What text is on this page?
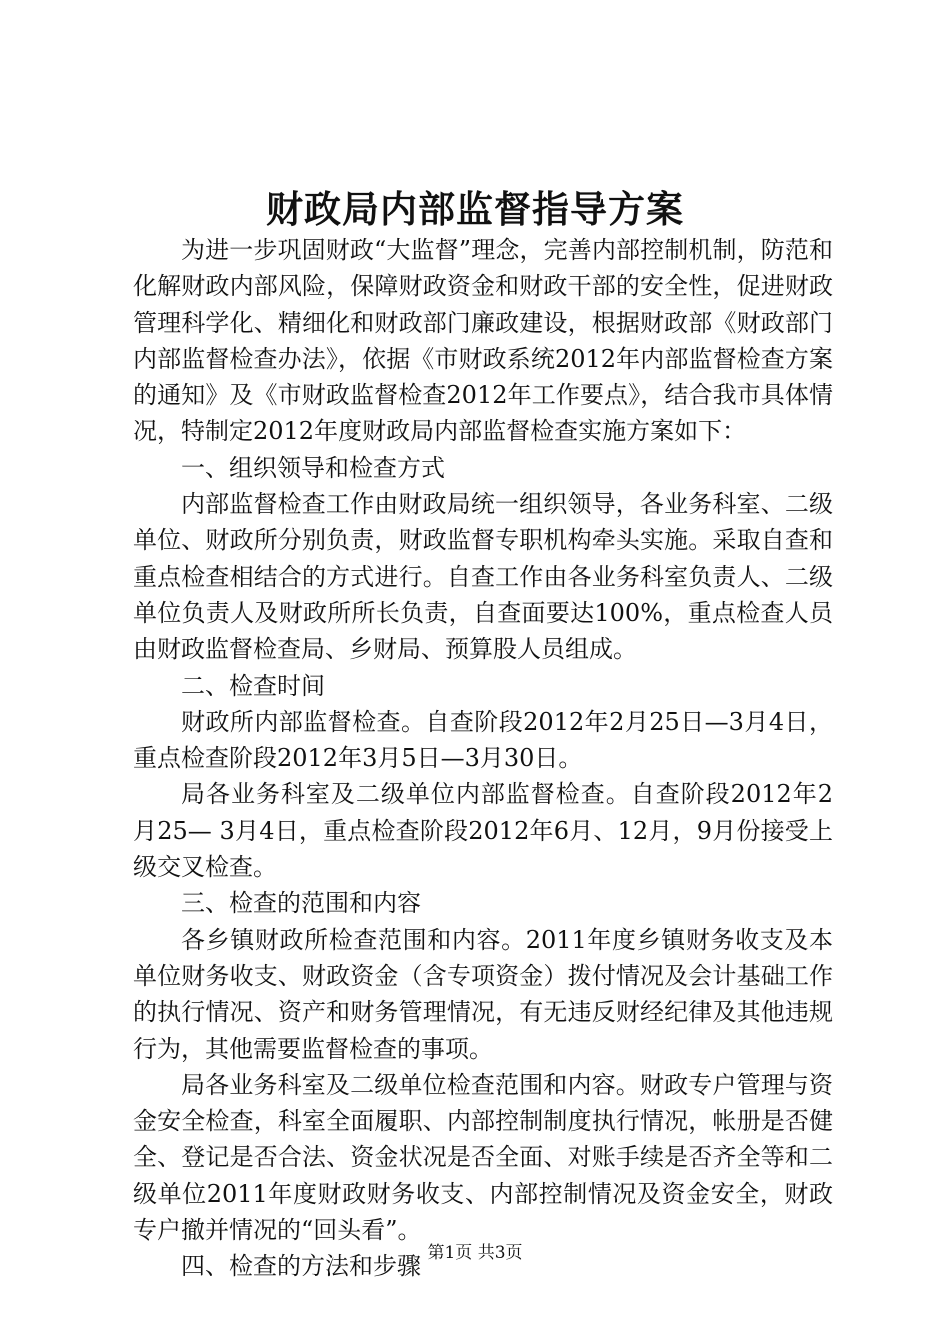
财政局内部监督指导方案

为进一步巩固财政“大监督”理念，完善内部控制机制，防范和化解财政内部风险，保障财政资金和财政干部的安全性，促进财政管理科学化、精细化和财政部门廉政建设，根据财政部《财政部门内部监督检查办法》，依据《市财政系统2012年内部监督检查方案的通知》及《市财政监督检查2012年工作要点》，结合我市具体情况，特制定2012年度财政局内部监督检查实施方案如下：

一、组织领导和检查方式

内部监督检查工作由财政局统一组织领导，各业务科室、二级单位、财政所分别负责，财政监督专职机构牵头实施。采取自查和重点检查相结合的方式进行。自查工作由各业务科室负责人、二级单位负责人及财政所所长负责，自查面要达100%，重点检查人员由财政监督检查局、乡财局、预算股人员组成。

二、检查时间

财政所内部监督检查。自查阶段2012年2月25日—3月4日，重点检查阶段2012年3月5日—3月30日。

局各业务科室及二级单位内部监督检查。自查阶段2012年2月25— 3月4日，重点检查阶段2012年6月、12月，9月份接受上级交叉检查。

三、检查的范围和内容

各乡镇财政所检查范围和内容。2011年度乡镇财务收支及本单位财务收支、财政资金（含专项资金）拨付情况及会计基础工作的执行情况、资产和财务管理情况，有无违反财经纪律及其他违规行为，其他需要监督检查的事项。

局各业务科室及二级单位检查范围和内容。财政专户管理与资金安全检查，科室全面履职、内部控制制度执行情况，帐册是否健全、登记是否合法、资金状况是否全面、对账手续是否齐全等和二级单位2011年度财政财务收支、内部控制情况及资金安全，财政专户撤并情况的“回头看”。

四、检查的方法和步骤 第1页 共3页
